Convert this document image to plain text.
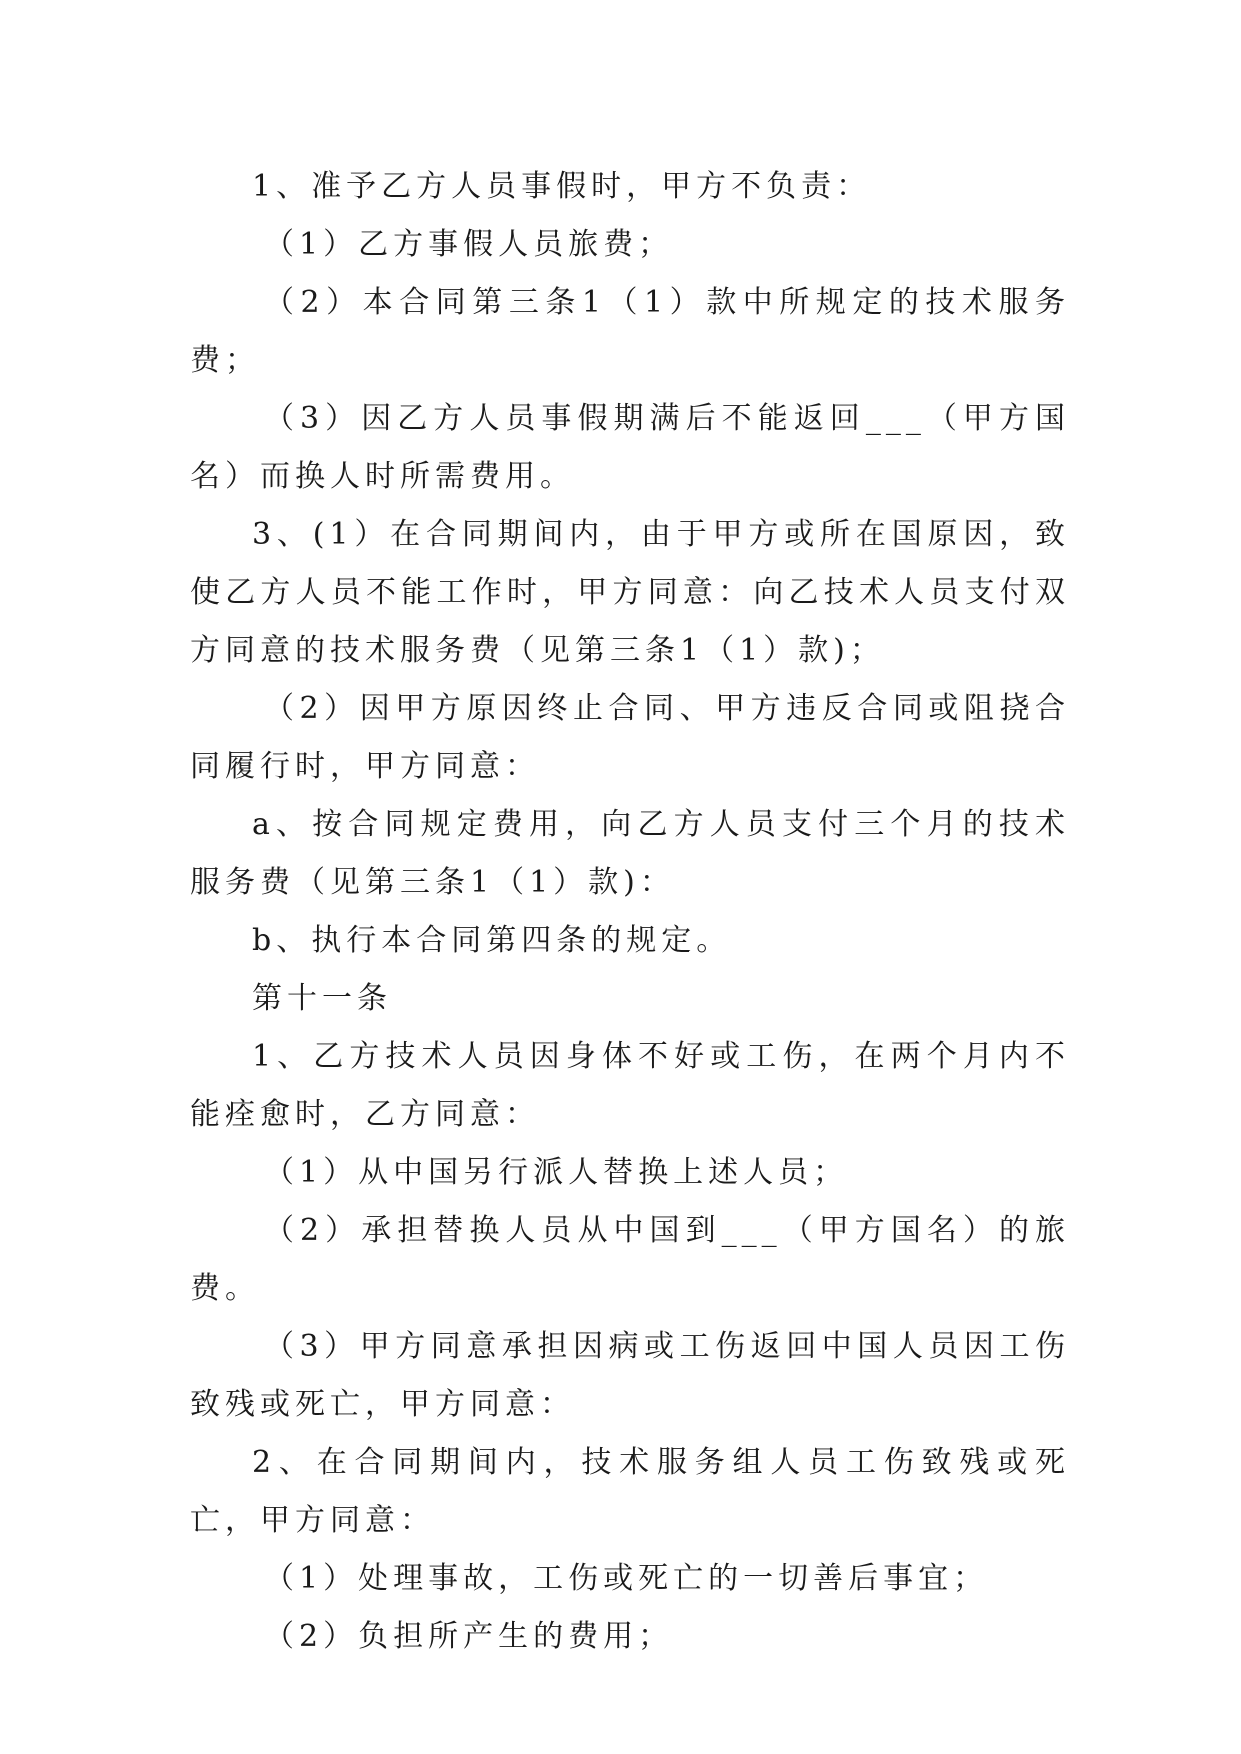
1、准予乙方人员事假时，甲方不负责：

（1）乙方事假人员旅费；

（2）本合同第三条1（1）款中所规定的技术服务费；

（3）因乙方人员事假期满后不能返回___（甲方国名）而换人时所需费用。

3、(1）在合同期间内，由于甲方或所在国原因，致使乙方人员不能工作时，甲方同意：向乙技术人员支付双方同意的技术服务费（见第三条1（1）款)；

（2）因甲方原因终止合同、甲方违反合同或阻挠合同履行时，甲方同意：

a、按合同规定费用，向乙方人员支付三个月的技术服务费（见第三条1（1）款)：

b、执行本合同第四条的规定。

第十一条

1、乙方技术人员因身体不好或工伤，在两个月内不能痊愈时，乙方同意：

（1）从中国另行派人替换上述人员；

（2）承担替换人员从中国到___（甲方国名）的旅费。

（3）甲方同意承担因病或工伤返回中国人员因工伤致残或死亡，甲方同意：

2、在合同期间内，技术服务组人员工伤致残或死亡，甲方同意：

（1）处理事故，工伤或死亡的一切善后事宜；

（2）负担所产生的费用；
